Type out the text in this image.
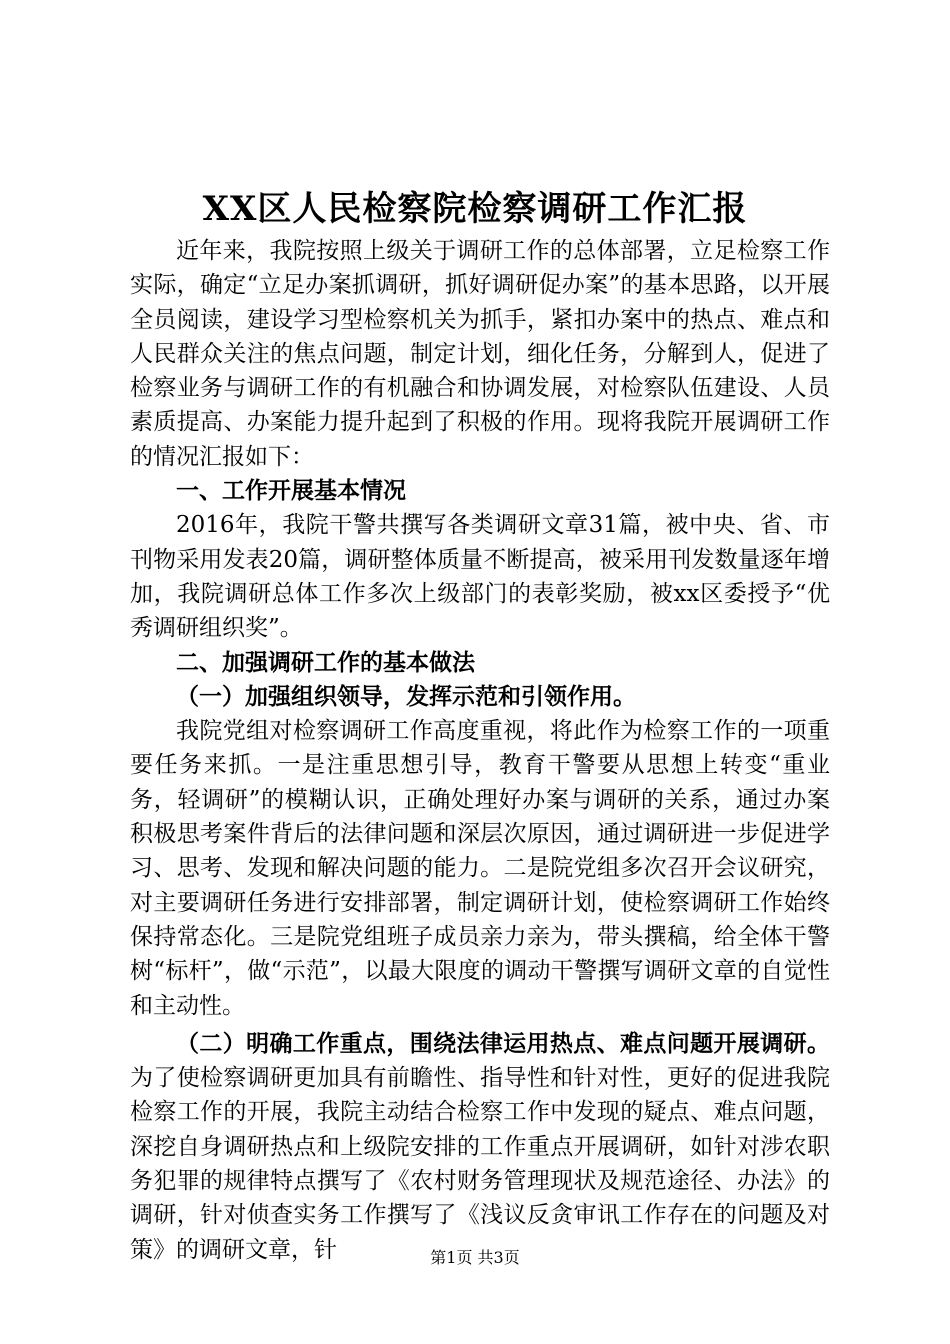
XX区人民检察院检察调研工作汇报

近年来，我院按照上级关于调研工作的总体部署，立足检察工作实际，确定“立足办案抓调研，抓好调研促办案”的基本思路，以开展全员阅读，建设学习型检察机关为抓手，紧扣办案中的热点、难点和人民群众关注的焦点问题，制定计划，细化任务，分解到人，促进了检察业务与调研工作的有机融合和协调发展，对检察队伍建设、人员素质提高、办案能力提升起到了积极的作用。现将我院开展调研工作的情况汇报如下：

一、工作开展基本情况

2016年，我院干警共撰写各类调研文章31篇，被中央、省、市刊物采用发表20篇，调研整体质量不断提高，被采用刊发数量逐年增加，我院调研总体工作多次上级部门的表彰奖励，被xx区委授予“优秀调研组织奖”。

二、加强调研工作的基本做法

（一）加强组织领导，发挥示范和引领作用。

我院党组对检察调研工作高度重视，将此作为检察工作的一项重要任务来抓。一是注重思想引导，教育干警要从思想上转变“重业务，轻调研”的模糊认识，正确处理好办案与调研的关系，通过办案积极思考案件背后的法律问题和深层次原因，通过调研进一步促进学习、思考、发现和解决问题的能力。二是院党组多次召开会议研究，对主要调研任务进行安排部署，制定调研计划，使检察调研工作始终保持常态化。三是院党组班子成员亲力亲为，带头撰稿，给全体干警树“标杆”，做“示范”，以最大限度的调动干警撰写调研文章的自觉性和主动性。

（二）明确工作重点，围绕法律运用热点、难点问题开展调研。为了使检察调研更加具有前瞻性、指导性和针对性，更好的促进我院检察工作的开展，我院主动结合检察工作中发现的疑点、难点问题，深挖自身调研热点和上级院安排的工作重点开展调研，如针对涉农职务犯罪的规律特点撰写了《农村财务管理现状及规范途径、办法》的调研，针对侦查实务工作撰写了《浅议反贪审讯工作存在的问题及对策》的调研文章，针	第1页 共3页
